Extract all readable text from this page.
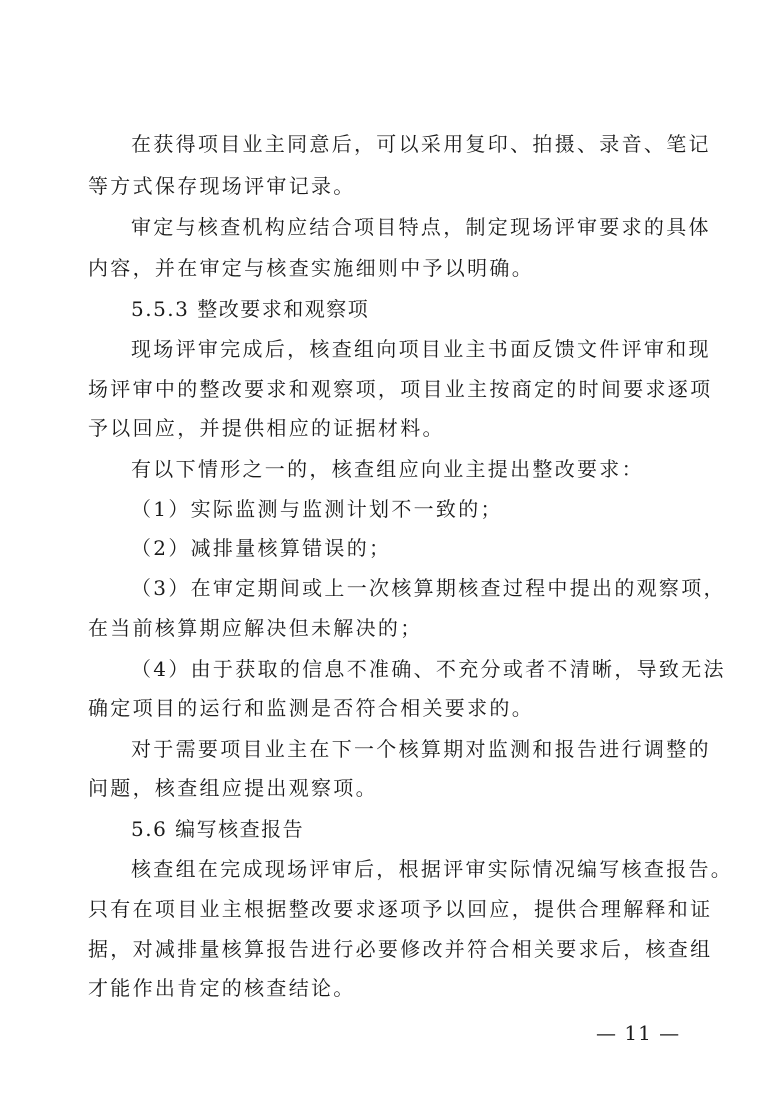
在获得项目业主同意后，可以采用复印、拍摄、录音、笔记
等方式保存现场评审记录。
审定与核查机构应结合项目特点，制定现场评审要求的具体
内容，并在审定与核查实施细则中予以明确。
5.5.3 整改要求和观察项
现场评审完成后，核查组向项目业主书面反馈文件评审和现
场评审中的整改要求和观察项，项目业主按商定的时间要求逐项
予以回应，并提供相应的证据材料。
有以下情形之一的，核查组应向业主提出整改要求：
（1）实际监测与监测计划不一致的；
（2）减排量核算错误的；
（3）在审定期间或上一次核算期核查过程中提出的观察项，
在当前核算期应解决但未解决的；
（4）由于获取的信息不准确、不充分或者不清晰，导致无法
确定项目的运行和监测是否符合相关要求的。
对于需要项目业主在下一个核算期对监测和报告进行调整的
问题，核查组应提出观察项。
5.6 编写核查报告
核查组在完成现场评审后，根据评审实际情况编写核查报告。
只有在项目业主根据整改要求逐项予以回应，提供合理解释和证
据，对减排量核算报告进行必要修改并符合相关要求后，核查组
才能作出肯定的核查结论。
— 11 —
